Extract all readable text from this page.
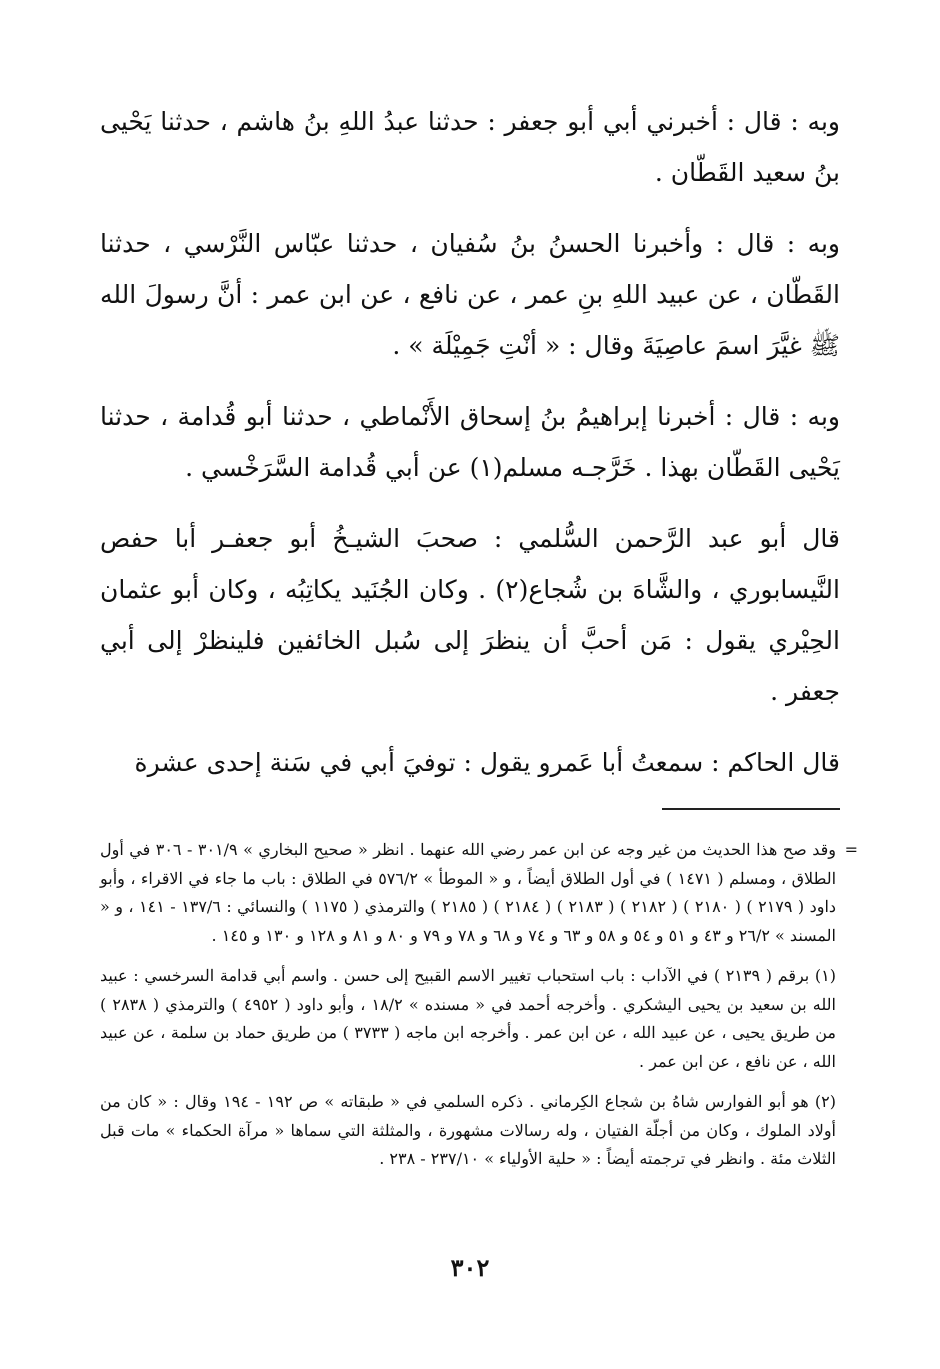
وبه : قال : أخبرني أبي أبو جعفر : حدثنا عبدُ اللهِ بنُ هاشم ، حدثنا يَحْيى بنُ سعيد القَطّان .

وبه : قال : وأخبرنا الحسنُ بنُ سُفيان ، حدثنا عبّاس النَّرْسي ، حدثنا القَطّان ، عن عبيد اللهِ بنِ عمر ، عن نافع ، عن ابن عمر : أنَّ رسولَ الله ﷺ غيَّرَ اسمَ عاصِيَةَ وقال : « أنْتِ جَمِيْلَة » .

وبه : قال : أخبرنا إبراهيمُ بنُ إسحاق الأَنْماطي ، حدثنا أبو قُدامة ، حدثنا يَحْيى القَطّان بهذا . خَرَّجـه مسلم(١) عن أبي قُدامة السَّرَخْسي .

قال أبو عبد الرَّحمن السُّلمي : صحبَ الشيـخُ أبو جعفـر أبا حفص النَّيسابوري ، والشَّاهَ بن شُجاع(٢) . وكان الجُنَيد يكاتِبُه ، وكان أبو عثمان الحِيْري يقول : مَن أحبَّ أن ينظرَ إلى سُبل الخائفين فلينظرْ إلى أبي جعفر .

قال الحاكم : سمعتُ أبا عَمرو يقول : توفيَ أبي في سَنة إحدى عشرة

=

وقد صح هذا الحديث من غير وجه عن ابن عمر رضي الله عنهما . انظر « صحيح البخاري » ٣٠١/٩ - ٣٠٦ في أول الطلاق ، ومسلم ( ١٤٧١ ) في أول الطلاق أيضاً ، و « الموطأ » ٥٧٦/٢ في الطلاق : باب ما جاء في الاقراء ، وأبو داود ( ٢١٧٩ ) ( ٢١٨٠ ) ( ٢١٨٢ ) ( ٢١٨٣ ) ( ٢١٨٤ ) ( ٢١٨٥ ) والترمذي ( ١١٧٥ ) والنسائي : ١٣٧/٦ - ١٤١ ، و « المسند » ٢٦/٢ و ٤٣ و ٥١ و ٥٤ و ٥٨ و ٦٣ و ٧٤ و ٦٨ و ٧٨ و ٧٩ و ٨٠ و ٨١ و ١٢٨ و ١٣٠ و ١٤٥ .

(١) برقم ( ٢١٣٩ ) في الآداب : باب استحباب تغيير الاسم القبيح إلى حسن . واسم أبي قدامة السرخسي : عبيد الله بن سعيد بن يحيى اليشكري . وأخرجه أحمد في « مسنده » ١٨/٢ ، وأبو داود ( ٤٩٥٢ ) والترمذي ( ٢٨٣٨ ) من طريق يحيى ، عن عبيد الله ، عن ابن عمر . وأخرجه ابن ماجه ( ٣٧٣٣ ) من طريق حماد بن سلمة ، عن عبيد الله ، عن نافع ، عن ابن عمر .

(٢) هو أبو الفوارس شاهُ بن شجاع الكِرماني . ذكره السلمي في « طبقاته » ص ١٩٢ - ١٩٤ وقال : « كان من أولاد الملوك ، وكان من أجلّة الفتيان ، وله رسالات مشهورة ، والمثلثة التي سماها « مرآة الحكماء » مات قبل الثلاث مئة . وانظر في ترجمته أيضاً : « حلية الأولياء » ٢٣٧/١٠ - ٢٣٨ .

٣٠٢
